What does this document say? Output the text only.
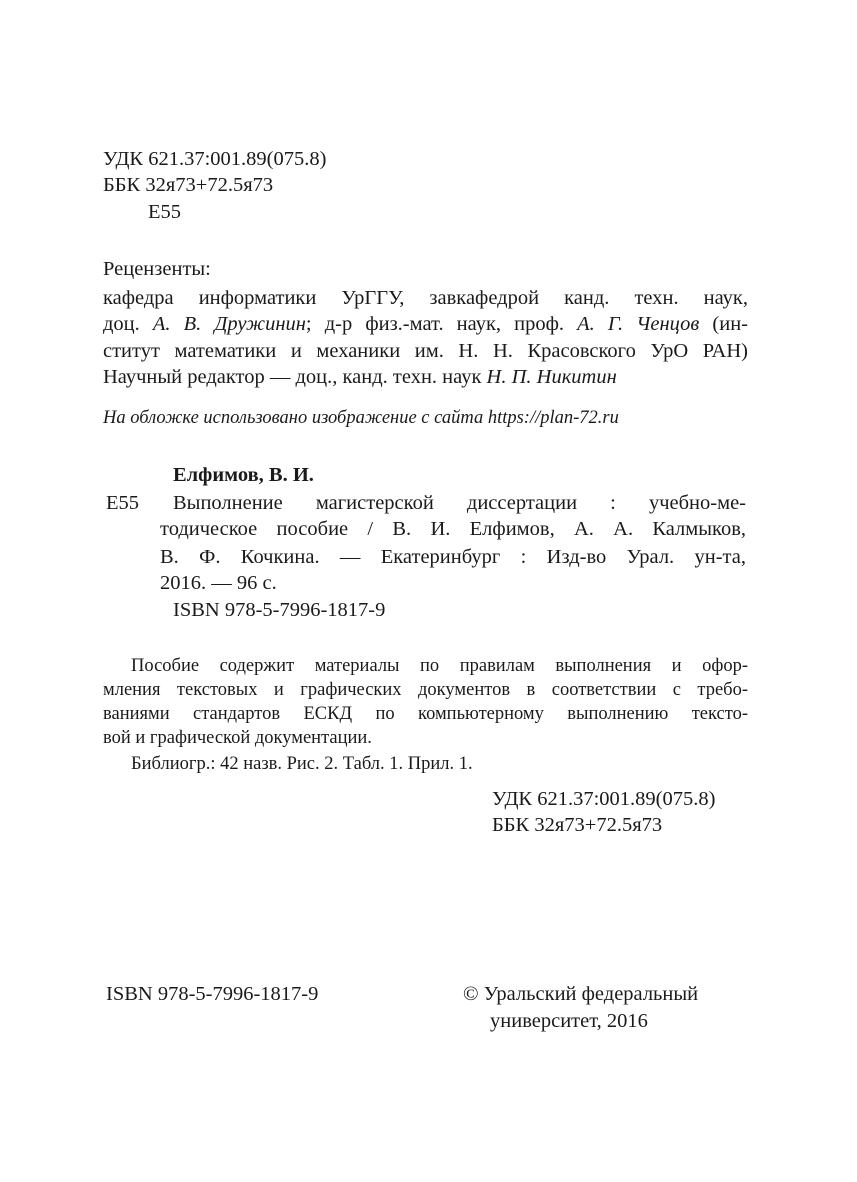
УДК 621.37:001.89(075.8)
ББК 32я73+72.5я73
Е55
Рецензенты:
кафедра информатики УрГГУ, завкафедрой канд. техн. наук,
доц. А. В. Дружинин; д-р физ.-мат. наук, проф. А. Г. Ченцов (ин-
ститут математики и механики им. Н. Н. Красовского УрО РАН)
Научный редактор — доц., канд. техн. наук Н. П. Никитин
На обложке использовано изображение с сайта https://plan-72.ru
Елфимов, В. И.
Е55 Выполнение магистерской диссертации : учебно-ме-
тодическое пособие / В. И. Елфимов, А. А. Калмыков,
В. Ф. Кочкина. — Екатеринбург : Изд-во Урал. ун-та,
2016. — 96 с.
ISBN 978-5-7996-1817-9
Пособие содержит материалы по правилам выполнения и офор-
мления текстовых и графических документов в соответствии с требо-
ваниями стандартов ЕСКД по компьютерному выполнению тексто-
вой и графической документации.
Библиогр.: 42 назв. Рис. 2. Табл. 1. Прил. 1.
УДК 621.37:001.89(075.8)
ББК 32я73+72.5я73
ISBN 978-5-7996-1817-9	© Уральский федеральный
университет, 2016
